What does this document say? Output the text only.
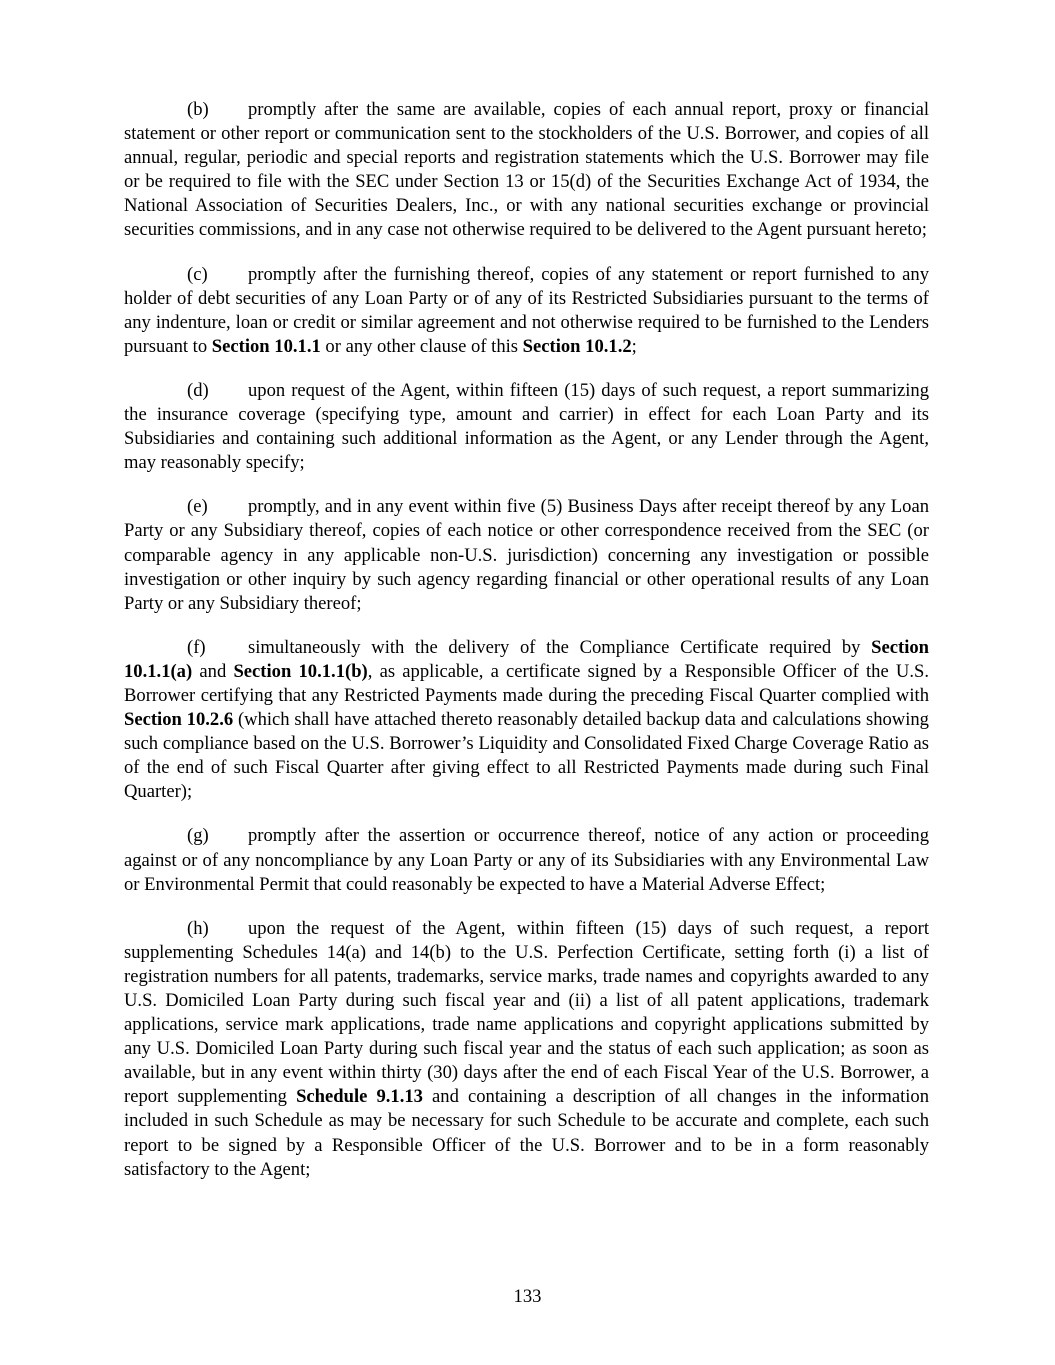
(b) promptly after the same are available, copies of each annual report, proxy or financial statement or other report or communication sent to the stockholders of the U.S. Borrower, and copies of all annual, regular, periodic and special reports and registration statements which the U.S. Borrower may file or be required to file with the SEC under Section 13 or 15(d) of the Securities Exchange Act of 1934, the National Association of Securities Dealers, Inc., or with any national securities exchange or provincial securities commissions, and in any case not otherwise required to be delivered to the Agent pursuant hereto;

(c) promptly after the furnishing thereof, copies of any statement or report furnished to any holder of debt securities of any Loan Party or of any of its Restricted Subsidiaries pursuant to the terms of any indenture, loan or credit or similar agreement and not otherwise required to be furnished to the Lenders pursuant to Section 10.1.1 or any other clause of this Section 10.1.2;

(d) upon request of the Agent, within fifteen (15) days of such request, a report summarizing the insurance coverage (specifying type, amount and carrier) in effect for each Loan Party and its Subsidiaries and containing such additional information as the Agent, or any Lender through the Agent, may reasonably specify;

(e) promptly, and in any event within five (5) Business Days after receipt thereof by any Loan Party or any Subsidiary thereof, copies of each notice or other correspondence received from the SEC (or comparable agency in any applicable non-U.S. jurisdiction) concerning any investigation or possible investigation or other inquiry by such agency regarding financial or other operational results of any Loan Party or any Subsidiary thereof;

(f) simultaneously with the delivery of the Compliance Certificate required by Section 10.1.1(a) and Section 10.1.1(b), as applicable, a certificate signed by a Responsible Officer of the U.S. Borrower certifying that any Restricted Payments made during the preceding Fiscal Quarter complied with Section 10.2.6 (which shall have attached thereto reasonably detailed backup data and calculations showing such compliance based on the U.S. Borrower’s Liquidity and Consolidated Fixed Charge Coverage Ratio as of the end of such Fiscal Quarter after giving effect to all Restricted Payments made during such Final Quarter);

(g) promptly after the assertion or occurrence thereof, notice of any action or proceeding against or of any noncompliance by any Loan Party or any of its Subsidiaries with any Environmental Law or Environmental Permit that could reasonably be expected to have a Material Adverse Effect;

(h) upon the request of the Agent, within fifteen (15) days of such request, a report supplementing Schedules 14(a) and 14(b) to the U.S. Perfection Certificate, setting forth (i) a list of registration numbers for all patents, trademarks, service marks, trade names and copyrights awarded to any U.S. Domiciled Loan Party during such fiscal year and (ii) a list of all patent applications, trademark applications, service mark applications, trade name applications and copyright applications submitted by any U.S. Domiciled Loan Party during such fiscal year and the status of each such application; as soon as available, but in any event within thirty (30) days after the end of each Fiscal Year of the U.S. Borrower, a report supplementing Schedule 9.1.13 and containing a description of all changes in the information included in such Schedule as may be necessary for such Schedule to be accurate and complete, each such report to be signed by a Responsible Officer of the U.S. Borrower and to be in a form reasonably satisfactory to the Agent;

133
